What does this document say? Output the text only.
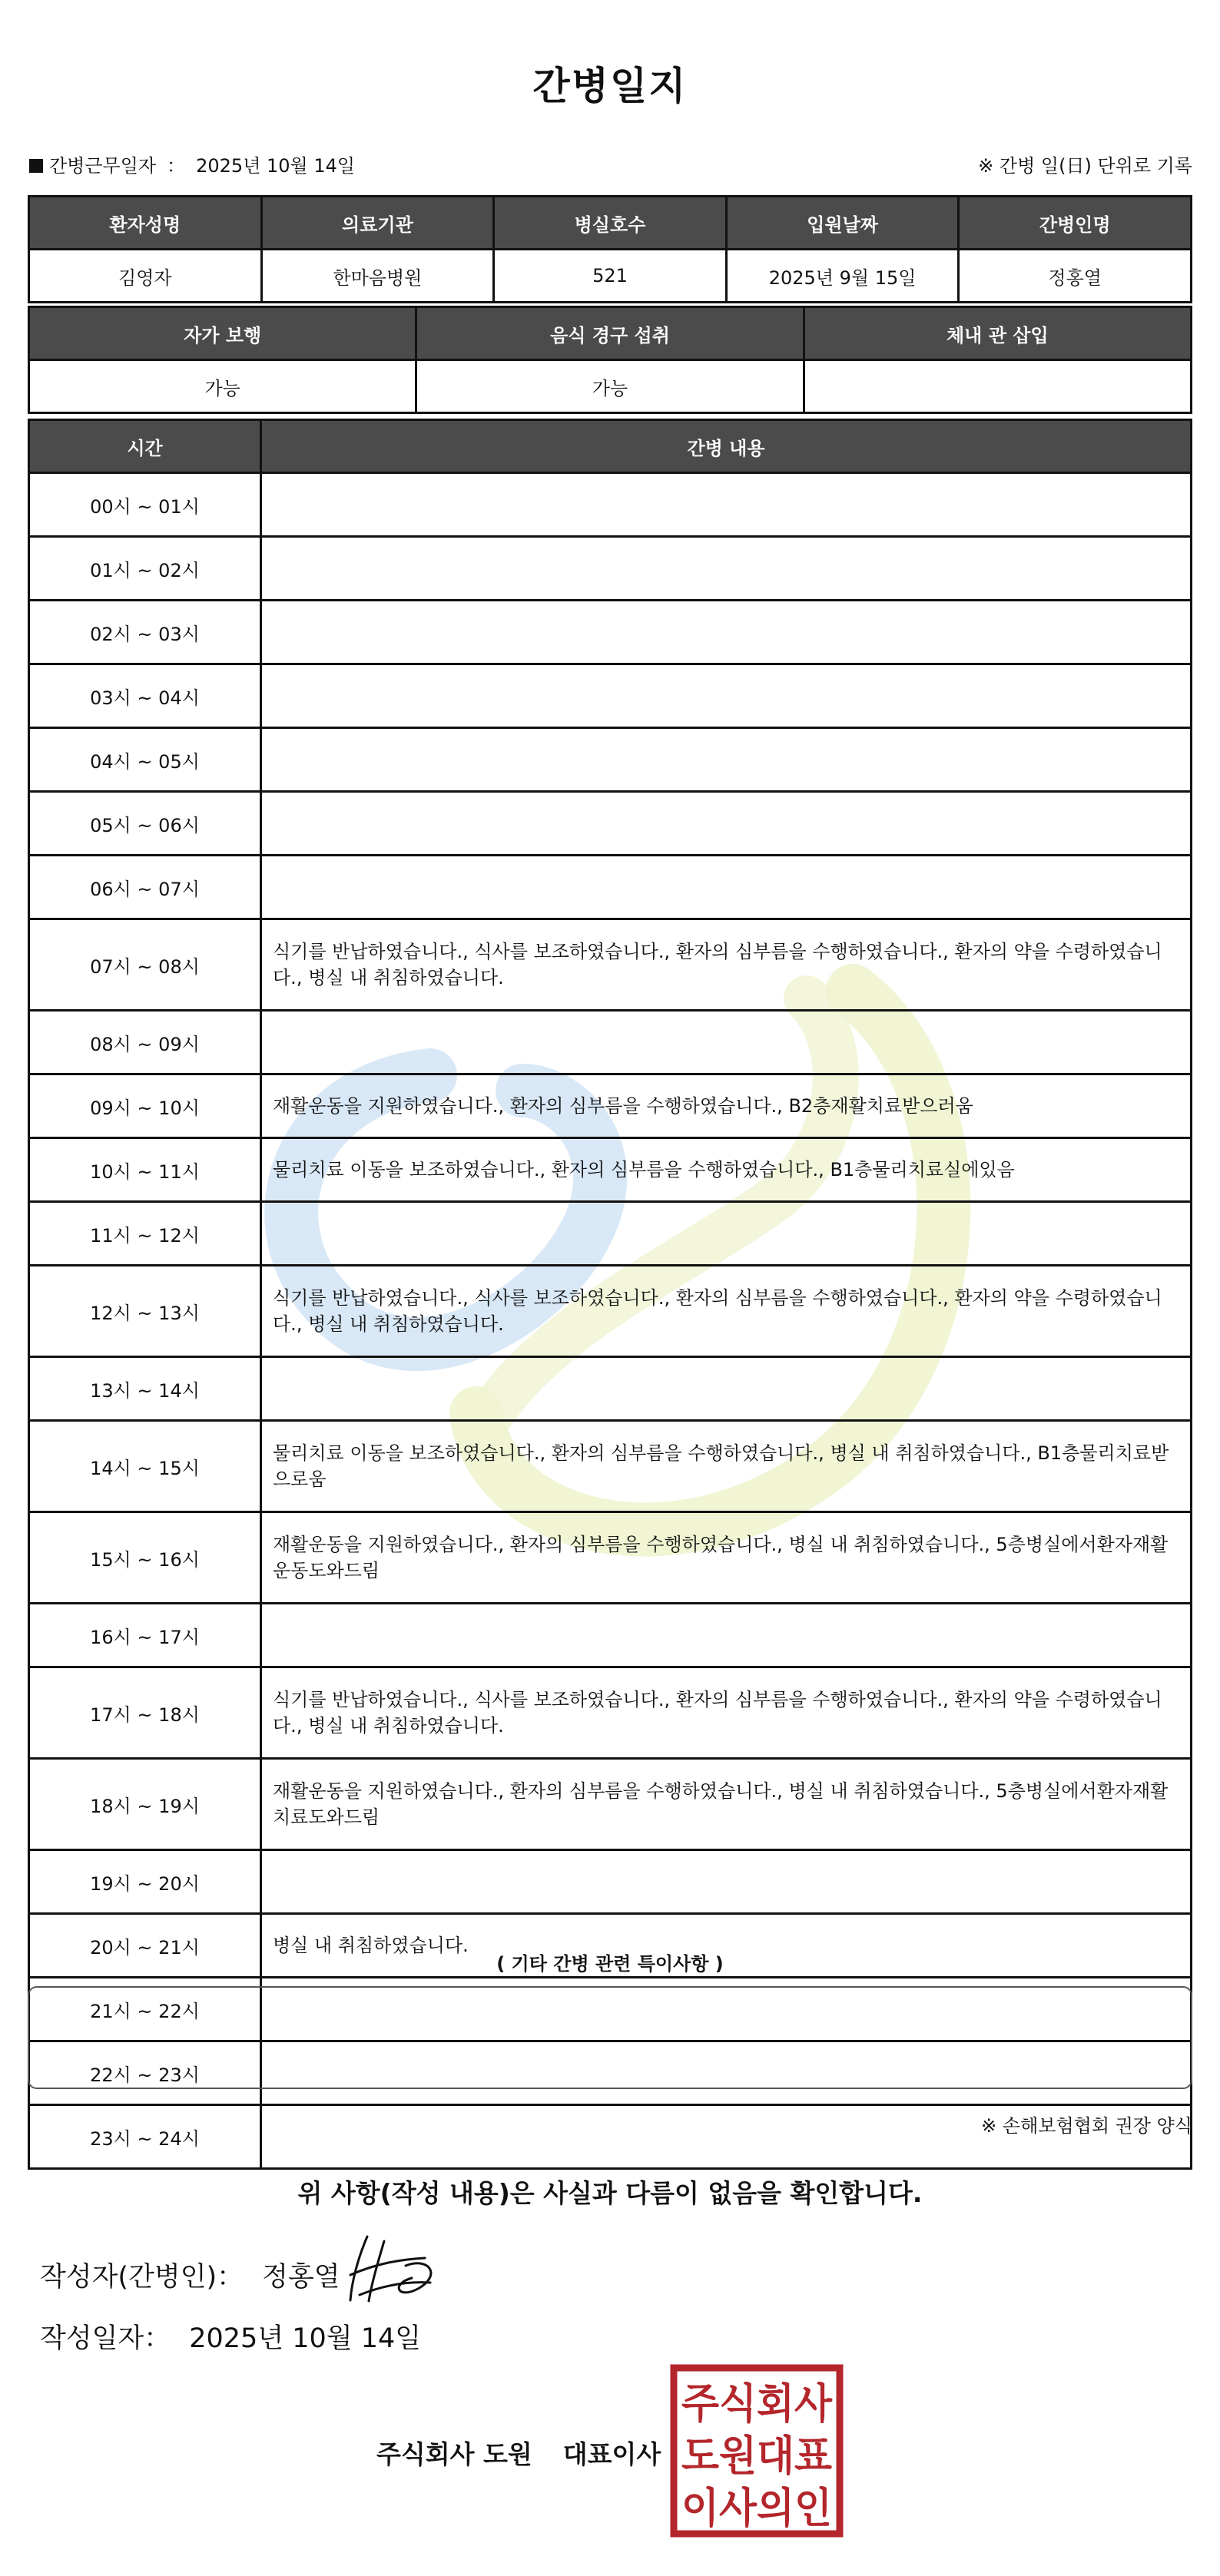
간병일지
간병근무일자 ： 2025년 10월 14일	※ 간병 일(日) 단위로 기록
환자성명	의료기관	병실호수	입원날짜	간병인명
김영자	한마음병원	521	2025년 9월 15일	정홍열
자가 보행	음식 경구 섭취	체내 관 삽입
가능	가능	
시간	간병 내용
00시 ~ 01시	
01시 ~ 02시	
02시 ~ 03시	
03시 ~ 04시	
04시 ~ 05시	
05시 ~ 06시	
06시 ~ 07시	
07시 ~ 08시	식기를 반납하였습니다., 식사를 보조하였습니다., 환자의 심부름을 수행하였습니다., 환자의 약을 수령하였습니다., 병실 내 취침하였습니다.
08시 ~ 09시	
09시 ~ 10시	재활운동을 지원하였습니다., 환자의 심부름을 수행하였습니다., B2층재활치료받으러움
10시 ~ 11시	물리치료 이동을 보조하였습니다., 환자의 심부름을 수행하였습니다., B1층물리치료실에있음
11시 ~ 12시	
12시 ~ 13시	식기를 반납하였습니다., 식사를 보조하였습니다., 환자의 심부름을 수행하였습니다., 환자의 약을 수령하였습니다., 병실 내 취침하였습니다.
13시 ~ 14시	
14시 ~ 15시	물리치료 이동을 보조하였습니다., 환자의 심부름을 수행하였습니다., 병실 내 취침하였습니다., B1층물리치료받으로움
15시 ~ 16시	재활운동을 지원하였습니다., 환자의 심부름을 수행하였습니다., 병실 내 취침하였습니다., 5층병실에서환자재활운동도와드림
16시 ~ 17시	
17시 ~ 18시	식기를 반납하였습니다., 식사를 보조하였습니다., 환자의 심부름을 수행하였습니다., 환자의 약을 수령하였습니다., 병실 내 취침하였습니다.
18시 ~ 19시	재활운동을 지원하였습니다., 환자의 심부름을 수행하였습니다., 병실 내 취침하였습니다., 5층병실에서환자재활치료도와드림
19시 ~ 20시	
20시 ~ 21시	병실 내 취침하였습니다.
21시 ~ 22시	
22시 ~ 23시	
23시 ~ 24시	
( 기타 간병 관련 특이사항 )
※ 손해보험협회 권장 양식
위 사항(작성 내용)은 사실과 다름이 없음을 확인합니다.
작성자(간병인)： 정홍열
작성일자： 2025년 10월 14일
주식회사 도원 대표이사
주식회사
도원대표
이사의인
